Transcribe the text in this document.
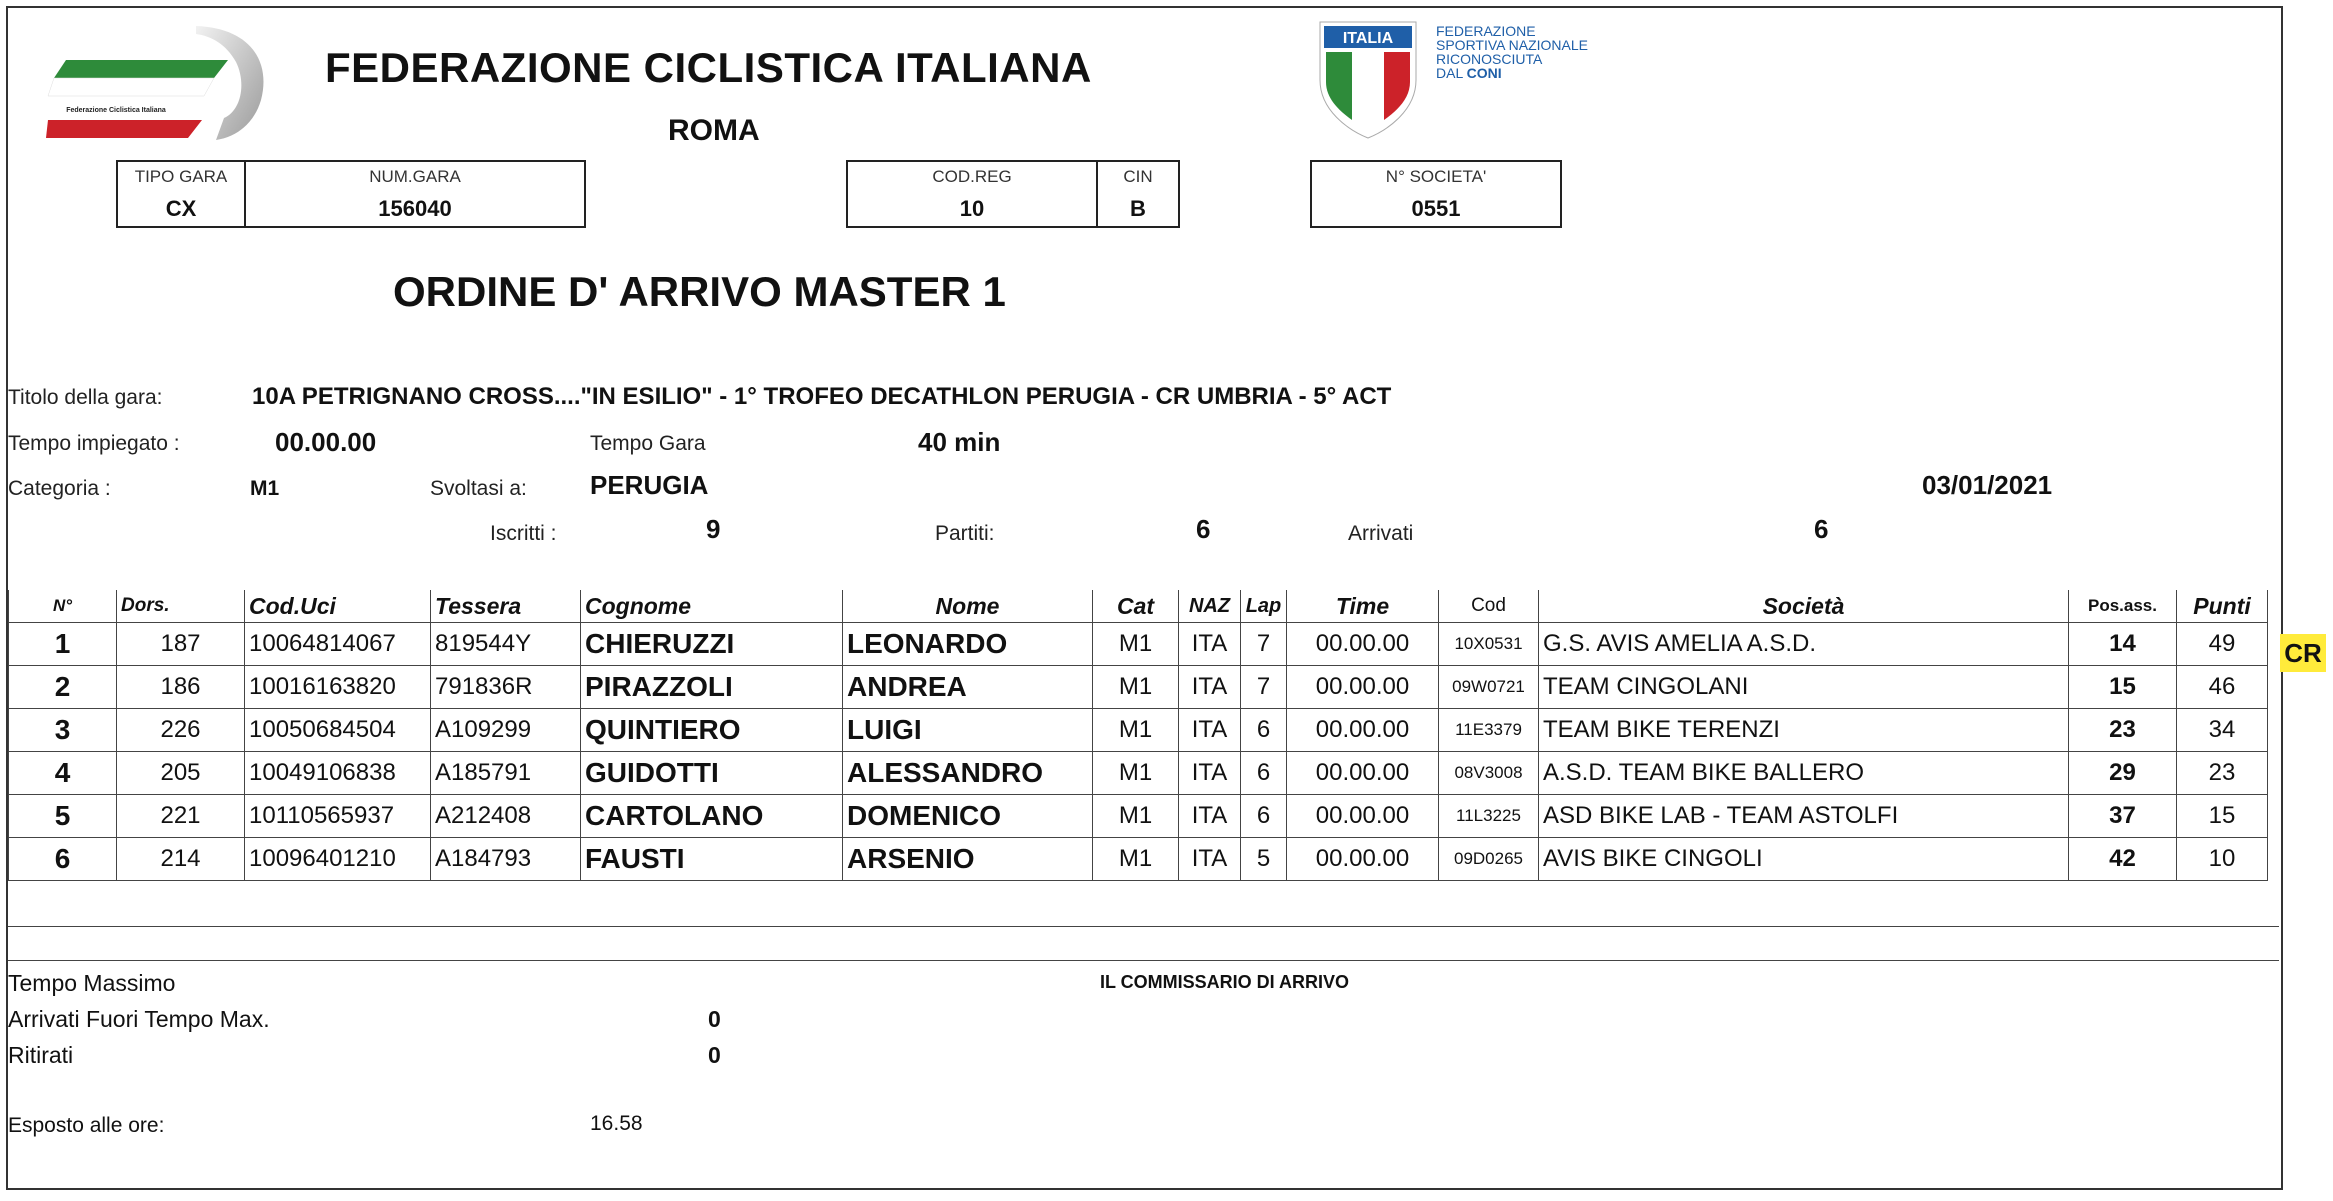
Federazione Ciclistica Italiana
FEDERAZIONE CICLISTICA ITALIANA
ROMA
ITALIA	FEDERAZIONE
SPORTIVA NAZIONALE
RICONOSCIUTA
DAL CONI
TIPO GARA
CX
NUM.GARA
156040
COD.REG
10
CIN
B
N° SOCIETA'
0551
ORDINE D' ARRIVO MASTER 1
Titolo della gara:	10A PETRIGNANO CROSS...."IN ESILIO" - 1° TROFEO DECATHLON PERUGIA - CR UMBRIA - 5° ACT
Tempo impiegato :	00.00.00	Tempo Gara	40 min
Categoria :	M1	Svoltasi a: PERUGIA	03/01/2021
Iscritti :	9	Partiti:	6	Arrivati	6
N°	Dors.	Cod.Uci	Tessera	Cognome	Nome	Cat	NAZ	Lap	Time	Cod	Società	Pos.ass.	Punti
1	187	10064814067	819544Y	CHIERUZZI	LEONARDO	M1	ITA	7	00.00.00	10X0531	G.S. AVIS AMELIA A.S.D.	14	49
2	186	10016163820	791836R	PIRAZZOLI	ANDREA	M1	ITA	7	00.00.00	09W0721	TEAM CINGOLANI	15	46
3	226	10050684504	A109299	QUINTIERO	LUIGI	M1	ITA	6	00.00.00	11E3379	TEAM BIKE TERENZI	23	34
4	205	10049106838	A185791	GUIDOTTI	ALESSANDRO	M1	ITA	6	00.00.00	08V3008	A.S.D. TEAM BIKE BALLERO	29	23
5	221	10110565937	A212408	CARTOLANO	DOMENICO	M1	ITA	6	00.00.00	11L3225	ASD BIKE LAB - TEAM ASTOLFI	37	15
6	214	10096401210	A184793	FAUSTI	ARSENIO	M1	ITA	5	00.00.00	09D0265	AVIS BIKE CINGOLI	42	10
CR
Tempo Massimo	IL COMMISSARIO DI ARRIVO
Arrivati Fuori Tempo Max.	0
Ritirati	0
Esposto alle ore:	16.58
